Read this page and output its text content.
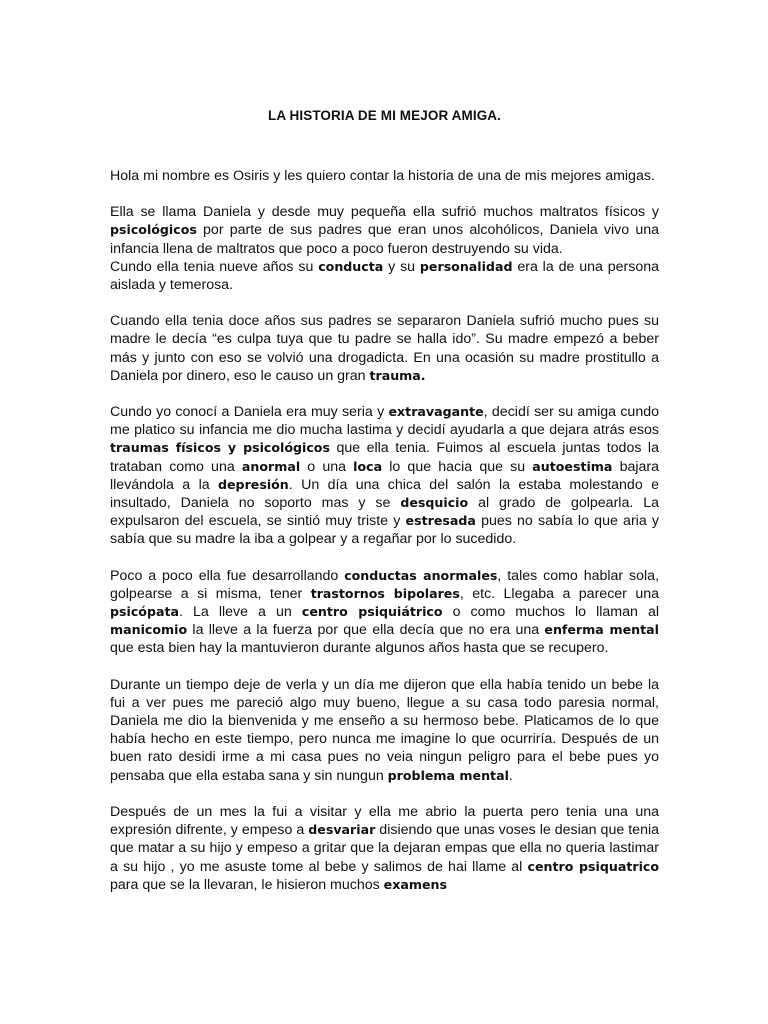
LA HISTORIA DE MI MEJOR AMIGA.

Hola mi nombre es Osiris y les quiero contar la historia de una de mis mejores amigas.

Ella se llama Daniela y desde muy pequeña ella sufrió muchos maltratos físicos y psicológicos por parte de sus padres que eran unos alcohólicos, Daniela vivo una infancia llena de maltratos que poco a poco fueron destruyendo su vida.

Cundo ella tenia nueve años su conducta y su personalidad era la de una persona aislada y temerosa.

Cuando ella tenia doce años sus padres se separaron Daniela sufrió mucho pues su madre le decía “es culpa tuya que tu padre se halla ido”. Su madre empezó a beber más y junto con eso se volvió una drogadicta. En una ocasión su madre prostitullo a Daniela por dinero, eso le causo un gran trauma.

Cundo yo conocí a Daniela era muy seria y extravagante, decidí ser su amiga cundo me platico su infancia me dio mucha lastima y decidí ayudarla a que dejara atrás esos traumas físicos y psicológicos que ella tenia. Fuimos al escuela juntas todos la trataban como una anormal o una loca lo que hacia que su autoestima bajara llevándola a la depresión. Un día una chica del salón la estaba molestando e insultado, Daniela no soporto mas y se desquicio al grado de golpearla. La expulsaron del escuela, se sintió muy triste y estresada pues no sabía lo que aria y sabía que su madre la iba a golpear y a regañar por lo sucedido.

Poco a poco ella fue desarrollando conductas anormales, tales como hablar sola, golpearse a si misma, tener trastornos bipolares, etc. Llegaba a parecer una psicópata. La lleve a un centro psiquiátrico o como muchos lo llaman al manicomio la lleve a la fuerza por que ella decía que no era una enferma mental que esta bien hay la mantuvieron durante algunos años hasta que se recupero.

Durante un tiempo deje de verla y un día me dijeron que ella había tenido un bebe la fui a ver pues me pareció algo muy bueno, llegue a su casa todo paresia normal, Daniela me dio la bienvenida y me enseño a su hermoso bebe. Platicamos de lo que había hecho en este tiempo, pero nunca me imagine lo que ocurriría. Después de un buen rato desidi irme a mi casa pues no veia ningun peligro para el bebe pues yo pensaba que ella estaba sana y sin nungun problema mental.

Después de un mes la fui a visitar y ella me abrio la puerta pero tenia una una expresión difrente, y empeso a desvariar disiendo que unas voses le desian que tenia que matar a su hijo y empeso a gritar que la dejaran empas que ella no queria lastimar a su hijo , yo me asuste tome al bebe y salimos de hai llame al centro psiquatrico para que se la llevaran, le hisieron muchos examens
